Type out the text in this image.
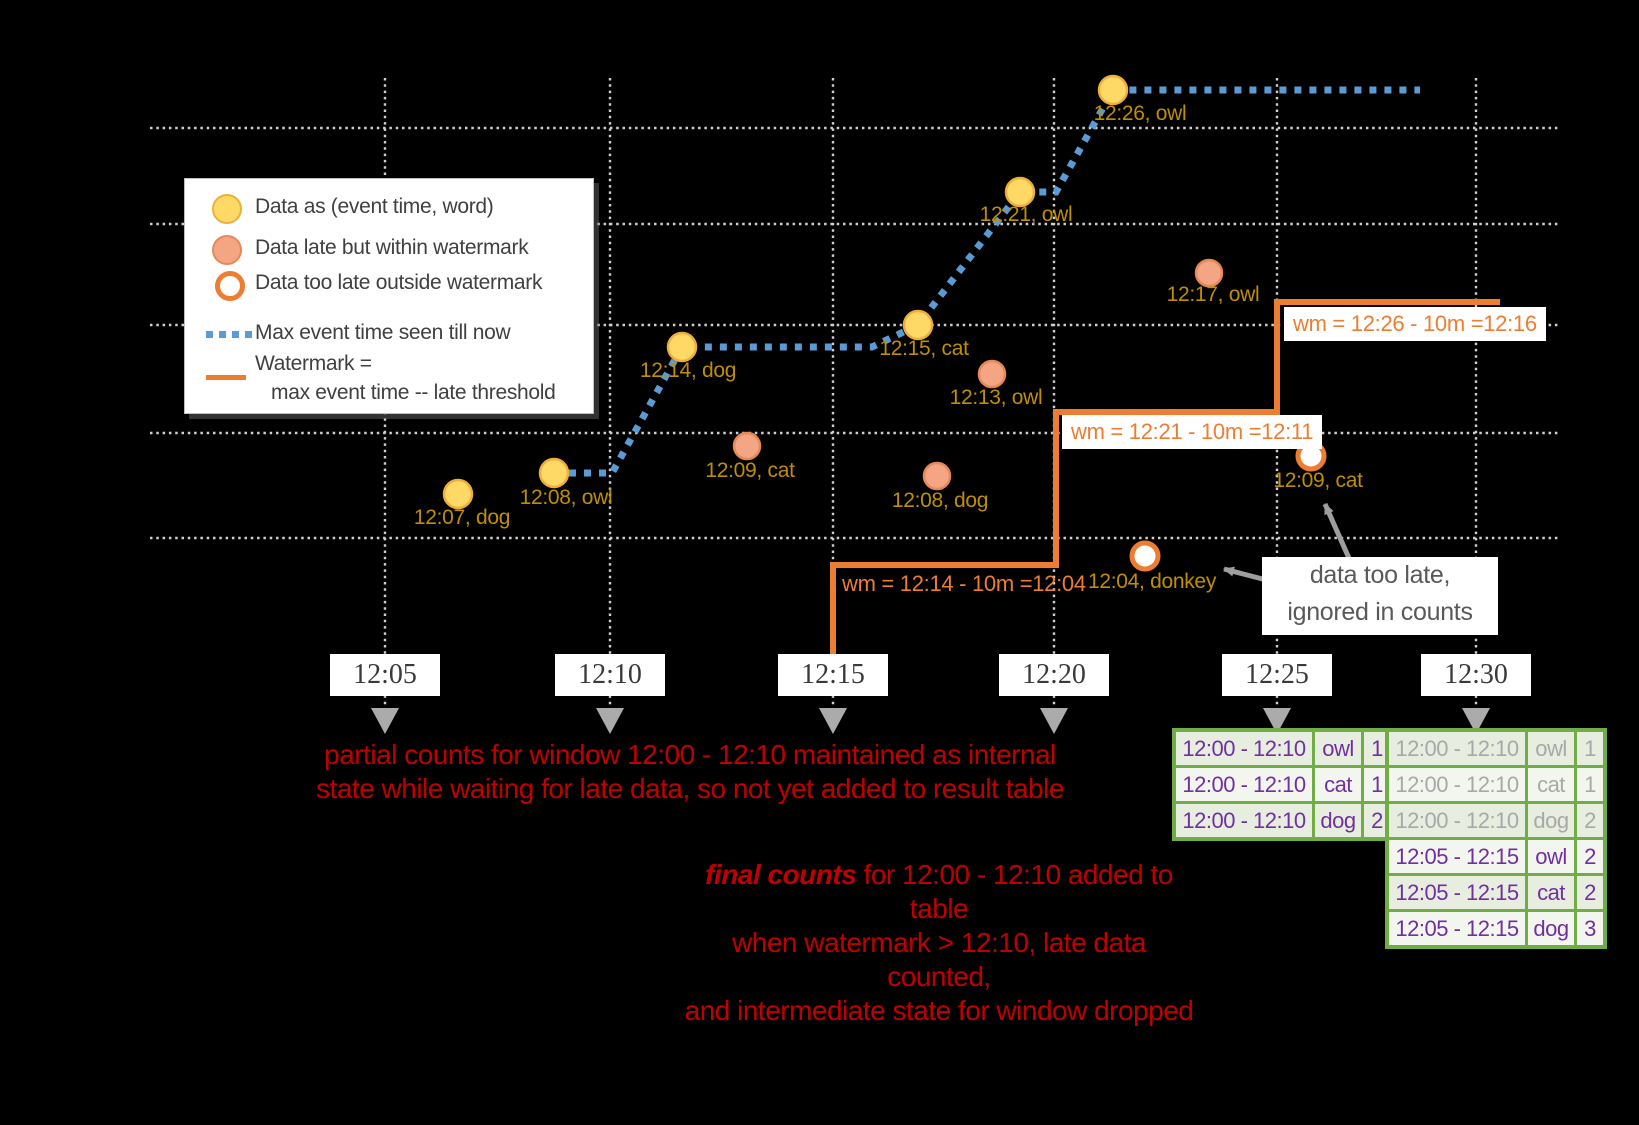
12:07, dog
12:08, owl
12:14, dog
12:15, cat
12:21, owl
12:26, owl
12:09, cat
12:13, owl
12:08, dog
12:17, owl
12:04, donkey
12:09, cat
wm = 12:14 - 10m =12:04
wm = 12:21 - 10m =12:11
wm = 12:26 - 10m =12:16
12:05	12:10	12:15	12:20	12:25	12:30
Data as (event time, word)
Data late but within watermark
Data too late outside watermark
Max event time seen till now
Watermark =
max event time -- late threshold
data too late,
ignored in counts
partial counts for window 12:00 - 12:10 maintained as internal
state while waiting for late data, so not yet added to result table
final counts for 12:00 - 12:10 added to table
when watermark > 12:10, late data counted,
and intermediate state for window dropped
12:00 - 12:10	owl	1
12:00 - 12:10	cat	1
12:00 - 12:10	dog	2
12:00 - 12:10	owl	1
12:00 - 12:10	cat	1
12:00 - 12:10	dog	2
12:05 - 12:15	owl	2
12:05 - 12:15	cat	2
12:05 - 12:15	dog	3
